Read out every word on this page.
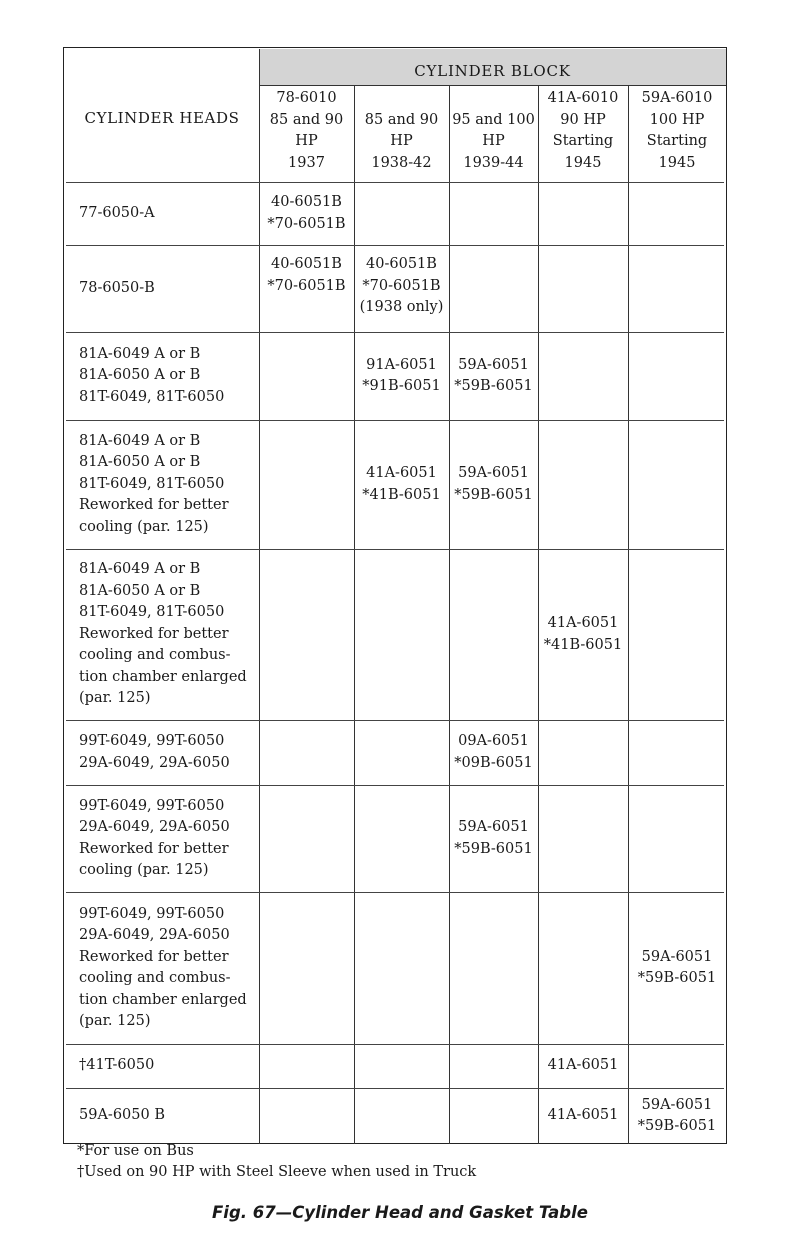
CYLINDER BLOCK
CYLINDER HEADS
78-6010
85 and 90
HP
1937
85 and 90
HP
1938-42
95 and 100
HP
1939-44
41A-6010
90 HP
Starting
1945
59A-6010
100 HP
Starting
1945
77-6050-A
40-6051B
*70-6051B
78-6050-B
40-6051B
*70-6051B
40-6051B
*70-6051B
(1938 only)
81A-6049 A or B
81A-6050 A or B
81T-6049, 81T-6050
91A-6051
*91B-6051
59A-6051
*59B-6051
81A-6049 A or B
81A-6050 A or B
81T-6049, 81T-6050
Reworked for better
cooling (par. 125)
41A-6051
*41B-6051
59A-6051
*59B-6051
81A-6049 A or B
81A-6050 A or B
81T-6049, 81T-6050
Reworked for better
cooling and combus-
tion chamber enlarged
(par. 125)
41A-6051
*41B-6051
99T-6049, 99T-6050
29A-6049, 29A-6050
09A-6051
*09B-6051
99T-6049, 99T-6050
29A-6049, 29A-6050
Reworked for better
cooling (par. 125)
59A-6051
*59B-6051
99T-6049, 99T-6050
29A-6049, 29A-6050
Reworked for better
cooling and combus-
tion chamber enlarged
(par. 125)
59A-6051
*59B-6051
†41T-6050	41A-6051
59A-6050 B	41A-6051
59A-6051
*59B-6051
*For use on Bus
†Used on 90 HP with Steel Sleeve when used in Truck
Fig. 67—Cylinder Head and Gasket Table
